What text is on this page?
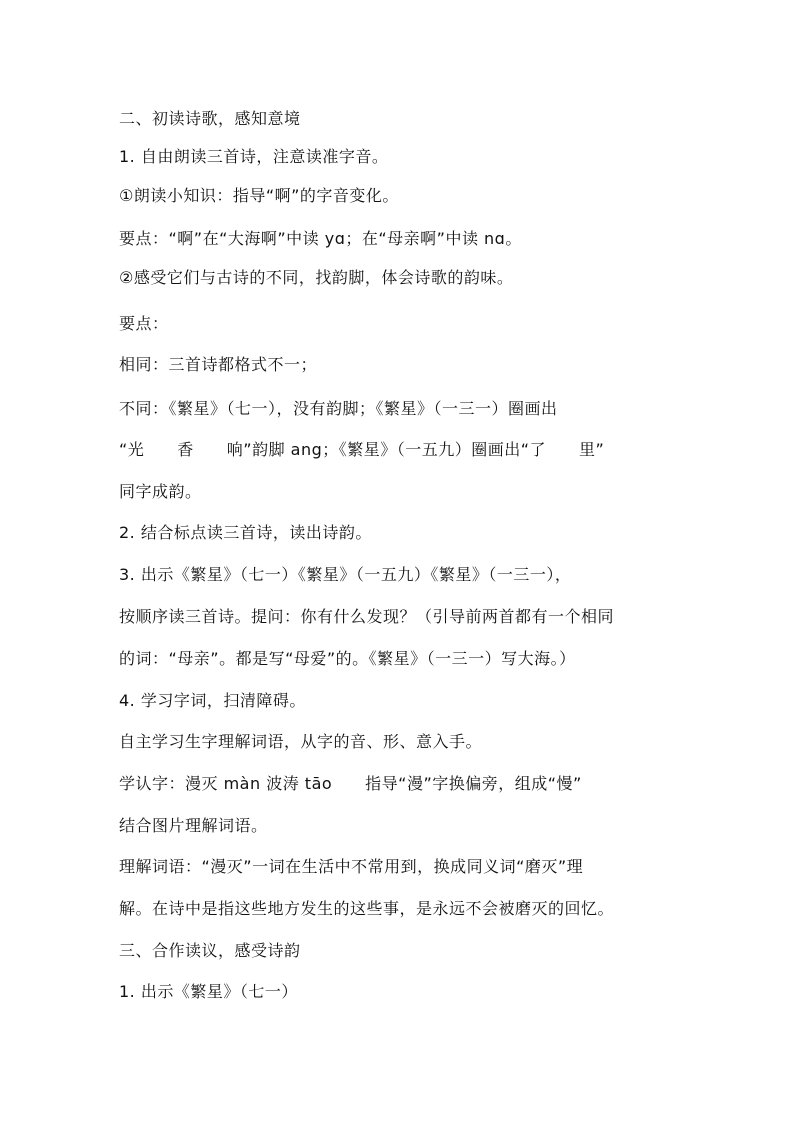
二、初读诗歌，感知意境
1. 自由朗读三首诗，注意读准字音。
①朗读小知识：指导“啊”的字音变化。
要点：“啊”在“大海啊”中读 yɑ；在“母亲啊”中读 nɑ。
②感受它们与古诗的不同，找韵脚，体会诗歌的韵味。
要点：
相同：三首诗都格式不一；
不同：《繁星》（七一），没有韵脚；《繁星》（一三一）圈画出
“光　　香　　响”韵脚 ang；《繁星》（一五九）圈画出“了　　里”
同字成韵。
2. 结合标点读三首诗，读出诗韵。
3. 出示《繁星》（七一）《繁星》（一五九）《繁星》（一三一），
按顺序读三首诗。提问：你有什么发现？（引导前两首都有一个相同
的词：“母亲”。都是写“母爱”的。《繁星》（一三一）写大海。）
4. 学习字词，扫清障碍。
自主学习生字理解词语，从字的音、形、意入手。
学认字：漫灭 màn 波涛 tāo　　指导“漫”字换偏旁，组成“慢”
结合图片理解词语。
理解词语：“漫灭”一词在生活中不常用到，换成同义词“磨灭”理
解。在诗中是指这些地方发生的这些事，是永远不会被磨灭的回忆。
三、合作读议，感受诗韵
1. 出示《繁星》（七一）
